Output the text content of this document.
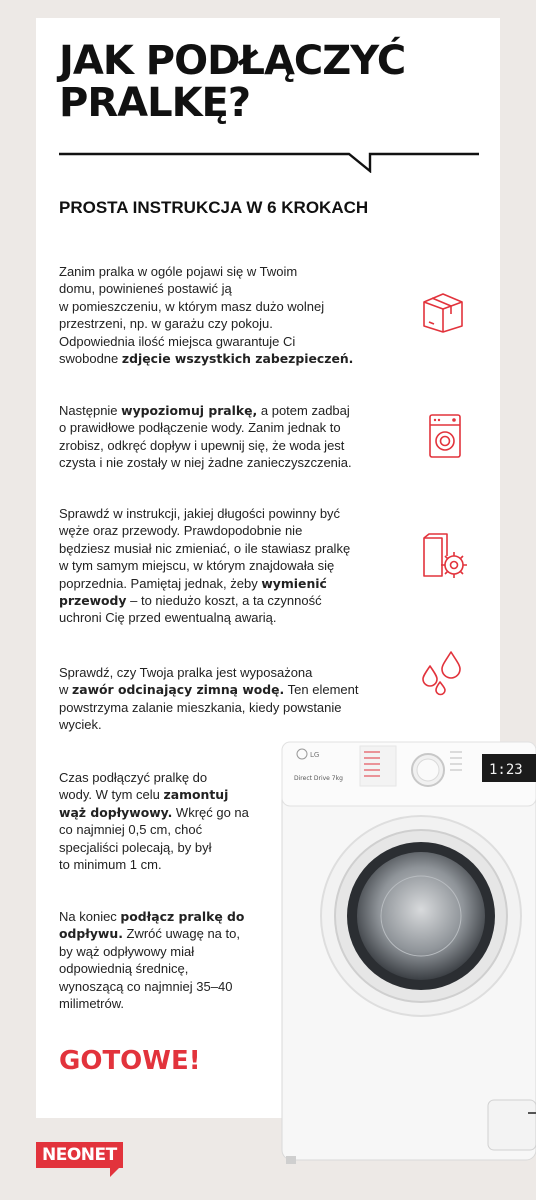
JAK PODŁĄCZYĆ
PRALKĘ?
PROSTA INSTRUKCJA W 6 KROKACH
Zanim pralka w ogóle pojawi się w Twoim
domu, powinieneś postawić ją
w pomieszczeniu, w którym masz dużo wolnej
przestrzeni, np. w garażu czy pokoju.
Odpowiednia ilość miejsca gwarantuje Ci
swobodne zdjęcie wszystkich zabezpieczeń.
Następnie wypoziomuj pralkę, a potem zadbaj
o prawidłowe podłączenie wody. Zanim jednak to
zrobisz, odkręć dopływ i upewnij się, że woda jest
czysta i nie zostały w niej żadne zanieczyszczenia.
Sprawdź w instrukcji, jakiej długości powinny być
węże oraz przewody. Prawdopodobnie nie
będziesz musiał nic zmieniać, o ile stawiasz pralkę
w tym samym miejscu, w którym znajdowała się
poprzednia. Pamiętaj jednak, żeby wymienić
przewody – to niedużo koszt, a ta czynność
uchroni Cię przed ewentualną awarią.
Sprawdź, czy Twoja pralka jest wyposażona
w zawór odcinający zimną wodę. Ten element
powstrzyma zalanie mieszkania, kiedy powstanie
wyciek.
Czas podłączyć pralkę do
wody. W tym celu zamontuj
wąż dopływowy. Wkręć go na
co najmniej 0,5 cm, choć
specjaliści polecają, by był
to minimum 1 cm.
Na koniec podłącz pralkę do
odpływu. Zwróć uwagę na to,
by wąż odpływowy miał
odpowiednią średnicę,
wynoszącą co najmniej 35–40
milimetrów.
GOTOWE!
LG
Direct Drive 7kg
1:23
NEONET
